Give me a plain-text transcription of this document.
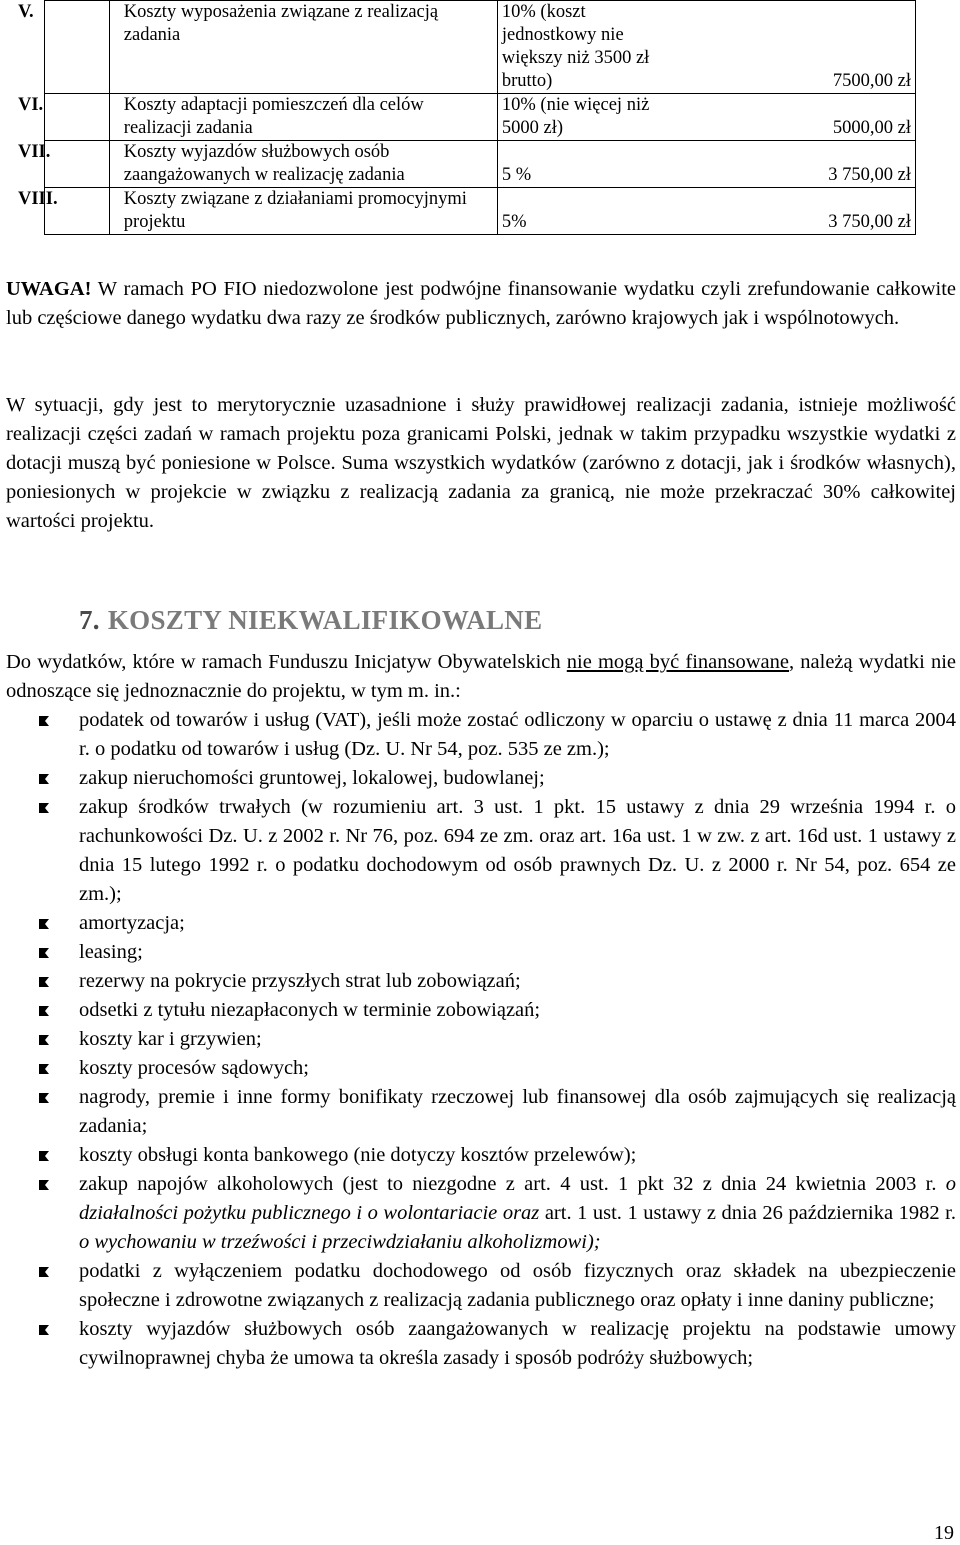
V.	Koszty wyposażenia związane z realizacją zadania	10% (koszt jednostkowy nie większy niż 3500 zł brutto)	7500,00 zł

VI.	Koszty adaptacji pomieszczeń dla celów realizacji zadania	10% (nie więcej niż 5000 zł)	5000,00 zł

VII.	Koszty wyjazdów służbowych osób zaangażowanych w realizację zadania	5 %	3 750,00 zł

VIII.	Koszty związane z działaniami promocyjnymi projektu	5%	3 750,00 zł

UWAGA! W ramach PO FIO niedozwolone jest podwójne finansowanie wydatku czyli zrefundowanie całkowite lub częściowe danego wydatku dwa razy ze środków publicznych, zarówno krajowych jak i wspólnotowych.

W sytuacji, gdy jest to merytorycznie uzasadnione i służy prawidłowej realizacji zadania, istnieje możliwość realizacji części zadań w ramach projektu poza granicami Polski, jednak w takim przypadku wszystkie wydatki z dotacji muszą być poniesione w Polsce. Suma wszystkich wydatków (zarówno z dotacji, jak i środków własnych), poniesionych w projekcie w związku z realizacją zadania za granicą, nie może przekraczać 30% całkowitej wartości projektu.

7. KOSZTY NIEKWALIFIKOWALNE

Do wydatków, które w ramach Funduszu Inicjatyw Obywatelskich nie mogą być finansowane, należą wydatki nie odnoszące się jednoznacznie do projektu, w tym m. in.:

podatek od towarów i usług (VAT), jeśli może zostać odliczony w oparciu o ustawę z dnia 11 marca 2004 r. o podatku od towarów i usług (Dz. U. Nr 54, poz. 535 ze zm.);
zakup nieruchomości gruntowej, lokalowej, budowlanej;
zakup środków trwałych (w rozumieniu art. 3 ust. 1 pkt. 15 ustawy z dnia 29 września 1994 r. o rachunkowości Dz. U. z 2002 r. Nr 76, poz. 694 ze zm. oraz art. 16a ust. 1 w zw. z art. 16d ust. 1 ustawy z dnia 15 lutego 1992 r. o podatku dochodowym od osób prawnych Dz. U. z 2000 r. Nr 54, poz. 654 ze zm.);
amortyzacja;
leasing;
rezerwy na pokrycie przyszłych strat lub zobowiązań;
odsetki z tytułu niezapłaconych w terminie zobowiązań;
koszty kar i grzywien;
koszty procesów sądowych;
nagrody, premie i inne formy bonifikaty rzeczowej lub finansowej dla osób zajmujących się realizacją zadania;
koszty obsługi konta bankowego (nie dotyczy kosztów przelewów);
zakup napojów alkoholowych (jest to niezgodne z art. 4 ust. 1 pkt 32 z dnia 24 kwietnia 2003 r. o działalności pożytku publicznego i o wolontariacie oraz art. 1 ust. 1 ustawy z dnia 26 października 1982 r. o wychowaniu w trzeźwości i przeciwdziałaniu alkoholizmowi);
podatki z wyłączeniem podatku dochodowego od osób fizycznych oraz składek na ubezpieczenie społeczne i zdrowotne związanych z realizacją zadania publicznego oraz opłaty i inne daniny publiczne;
koszty wyjazdów służbowych osób zaangażowanych w realizację projektu na podstawie umowy cywilnoprawnej chyba że umowa ta określa zasady i sposób podróży służbowych;
19
